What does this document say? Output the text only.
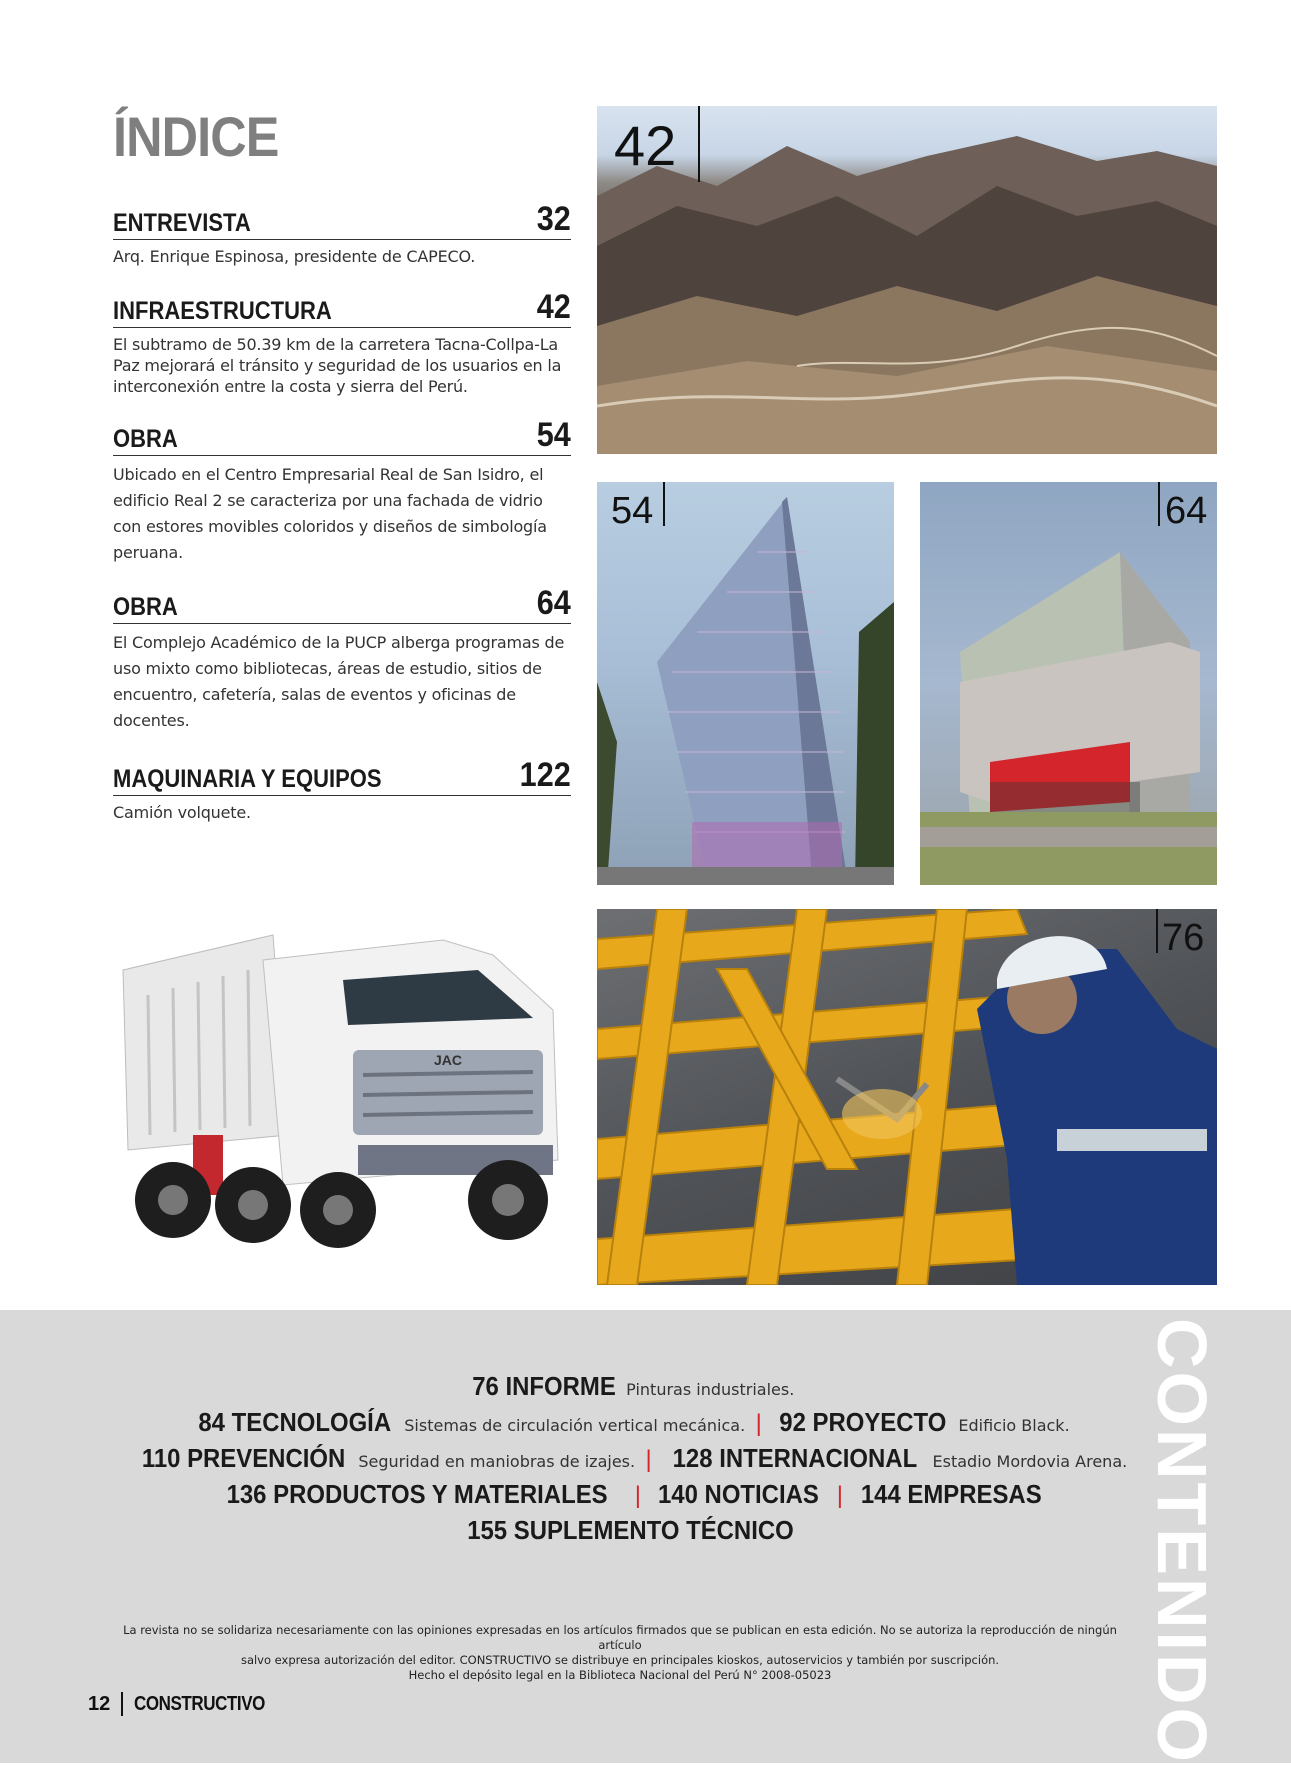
ÍNDICE
ENTREVISTA	32
Arq. Enrique Espinosa, presidente de CAPECO.
INFRAESTRUCTURA	42
El subtramo de 50.39 km de la carretera Tacna-Collpa-La Paz mejorará el tránsito y seguridad de los usuarios en la interconexión entre la costa y sierra del Perú.
OBRA	54
Ubicado en el Centro Empresarial Real de San Isidro, el edificio Real 2 se caracteriza por una fachada de vidrio con estores movibles coloridos y diseños de simbología peruana.
OBRA	64
El Complejo Académico de la PUCP alberga programas de uso mixto como bibliotecas, áreas de estudio, sitios de encuentro, cafetería, salas de eventos y oficinas de docentes.
MAQUINARIA Y EQUIPOS	122
Camión volquete.
42
54	64
JAC
76
CONTENIDO
76 INFORME Pinturas industriales.
84 TECNOLOGÍA Sistemas de circulación vertical mecánica. | 92 PROYECTO Edificio Black.
110 PREVENCIÓN Seguridad en maniobras de izajes. | 128 INTERNACIONAL Estadio Mordovia Arena.
136 PRODUCTOS Y MATERIALES | 140 NOTICIAS | 144 EMPRESAS
155 SUPLEMENTO TÉCNICO
La revista no se solidariza necesariamente con las opiniones expresadas en los artículos firmados que se publican en esta edición. No se autoriza la reproducción de ningún artículo
salvo expresa autorización del editor. CONSTRUCTIVO se distribuye en principales kioskos, autoservicios y también por suscripción.
Hecho el depósito legal en la Biblioteca Nacional del Perú N° 2008-05023
12 CONSTRUCTIVO
